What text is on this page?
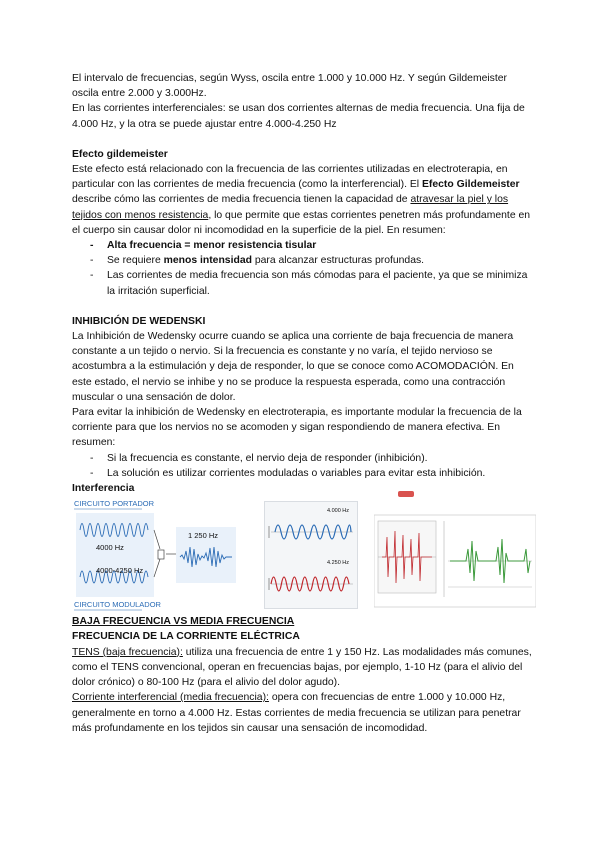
El intervalo de frecuencias, según Wyss, oscila entre 1.000 y 10.000 Hz. Y según Gildemeister oscila entre 2.000 y 3.000Hz.

En las corrientes interferenciales: se usan dos corrientes alternas de media frecuencia. Una fija de 4.000 Hz, y la otra se puede ajustar entre 4.000-4.250 Hz

Efecto gildemeister

Este efecto está relacionado con la frecuencia de las corrientes utilizadas en electroterapia, en particular con las corrientes de media frecuencia (como la interferencial). El Efecto Gildemeister describe cómo las corrientes de media frecuencia tienen la capacidad de atravesar la piel y los tejidos con menos resistencia, lo que permite que estas corrientes penetren más profundamente en el cuerpo sin causar dolor ni incomodidad en la superficie de la piel. En resumen:

- Alta frecuencia = menor resistencia tisular
- Se requiere menos intensidad para alcanzar estructuras profundas.
- Las corrientes de media frecuencia son más cómodas para el paciente, ya que se minimiza la irritación superficial.

INHIBICIÓN DE WEDENSKI

La Inhibición de Wedensky ocurre cuando se aplica una corriente de baja frecuencia de manera constante a un tejido o nervio. Si la frecuencia es constante y no varía, el tejido nervioso se acostumbra a la estimulación y deja de responder, lo que se conoce como ACOMODACIÓN. En este estado, el nervio se inhibe y no se produce la respuesta esperada, como una contracción muscular o una sensación de dolor.

Para evitar la inhibición de Wedensky en electroterapia, es importante modular la frecuencia de la corriente para que los nervios no se acomoden y sigan respondiendo de manera efectiva. En resumen:

- Si la frecuencia es constante, el nervio deja de responder (inhibición).
- La solución es utilizar corrientes moduladas o variables para evitar esta inhibición.

Interferencia

CIRCUITO PORTADOR
4000 Hz
4000-4250 Hz
1 250 Hz
CIRCUITO MODULADOR
4.000 Hz
4.250 Hz

BAJA FRECUENCIA VS MEDIA FRECUENCIA

FRECUENCIA DE LA CORRIENTE ELÉCTRICA

TENS (baja frecuencia): utiliza una frecuencia de entre 1 y 150 Hz. Las modalidades más comunes, como el TENS convencional, operan en frecuencias bajas, por ejemplo, 1-10 Hz (para el alivio del dolor crónico) o 80-100 Hz (para el alivio del dolor agudo).

Corriente interferencial (media frecuencia): opera con frecuencias de entre 1.000 y 10.000 Hz, generalmente en torno a 4.000 Hz. Estas corrientes de media frecuencia se utilizan para penetrar más profundamente en los tejidos sin causar una sensación de incomodidad.
